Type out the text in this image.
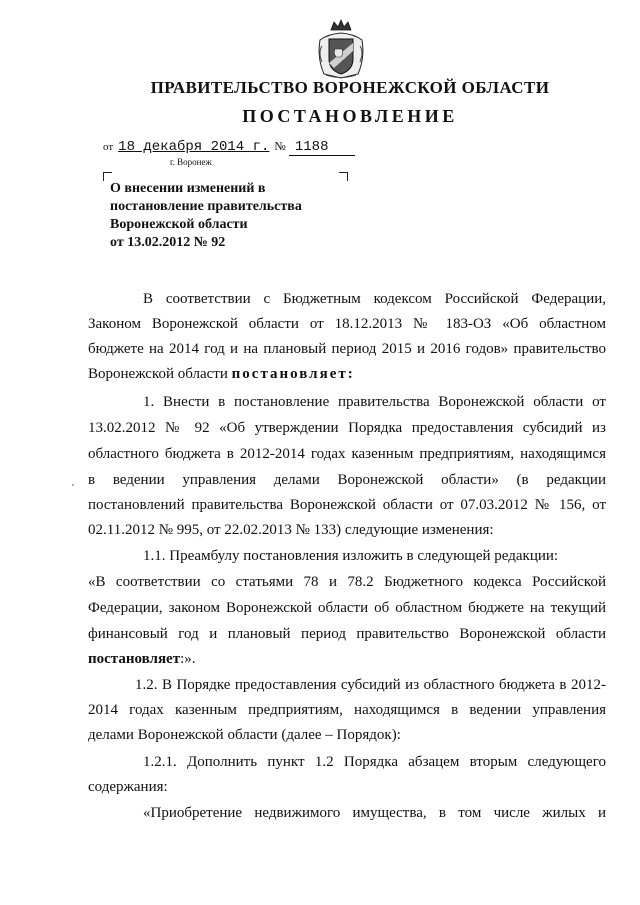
ПРАВИТЕЛЬСТВО ВОРОНЕЖСКОЙ ОБЛАСТИ
ПОСТАНОВЛЕНИЕ
от 18 декабря 2014 г. № 1188
г. Воронеж
О внесении изменений в
постановление правительства
Воронежской области
от 13.02.2012 № 92
В соответствии с Бюджетным кодексом Российской Федерации,
Законом Воронежской области от 18.12.2013 № 183-ОЗ «Об областном
бюджете на 2014 год и на плановый период 2015 и 2016 годов» правительство
Воронежской области постановляет:
1. Внести в постановление правительства Воронежской области от
13.02.2012 № 92 «Об утверждении Порядка предоставления субсидий из
областного бюджета в 2012-2014 годах казенным предприятиям, находящимся
в ведении управления делами Воронежской области» (в редакции
постановлений правительства Воронежской области от 07.03.2012 № 156, от
02.11.2012 № 995, от 22.02.2013 № 133) следующие изменения:
1.1. Преамбулу постановления изложить в следующей редакции:
«В соответствии со статьями 78 и 78.2 Бюджетного кодекса Российской
Федерации, законом Воронежской области об областном бюджете на текущий
финансовый год и плановый период правительство Воронежской области
постановляет:».
1.2. В Порядке предоставления субсидий из областного бюджета в 2012-
2014 годах казенным предприятиям, находящимся в ведении управления
делами Воронежской области (далее – Порядок):
1.2.1. Дополнить пункт 1.2 Порядка абзацем вторым следующего
содержания:
«Приобретение недвижимого имущества, в том числе жилых и
